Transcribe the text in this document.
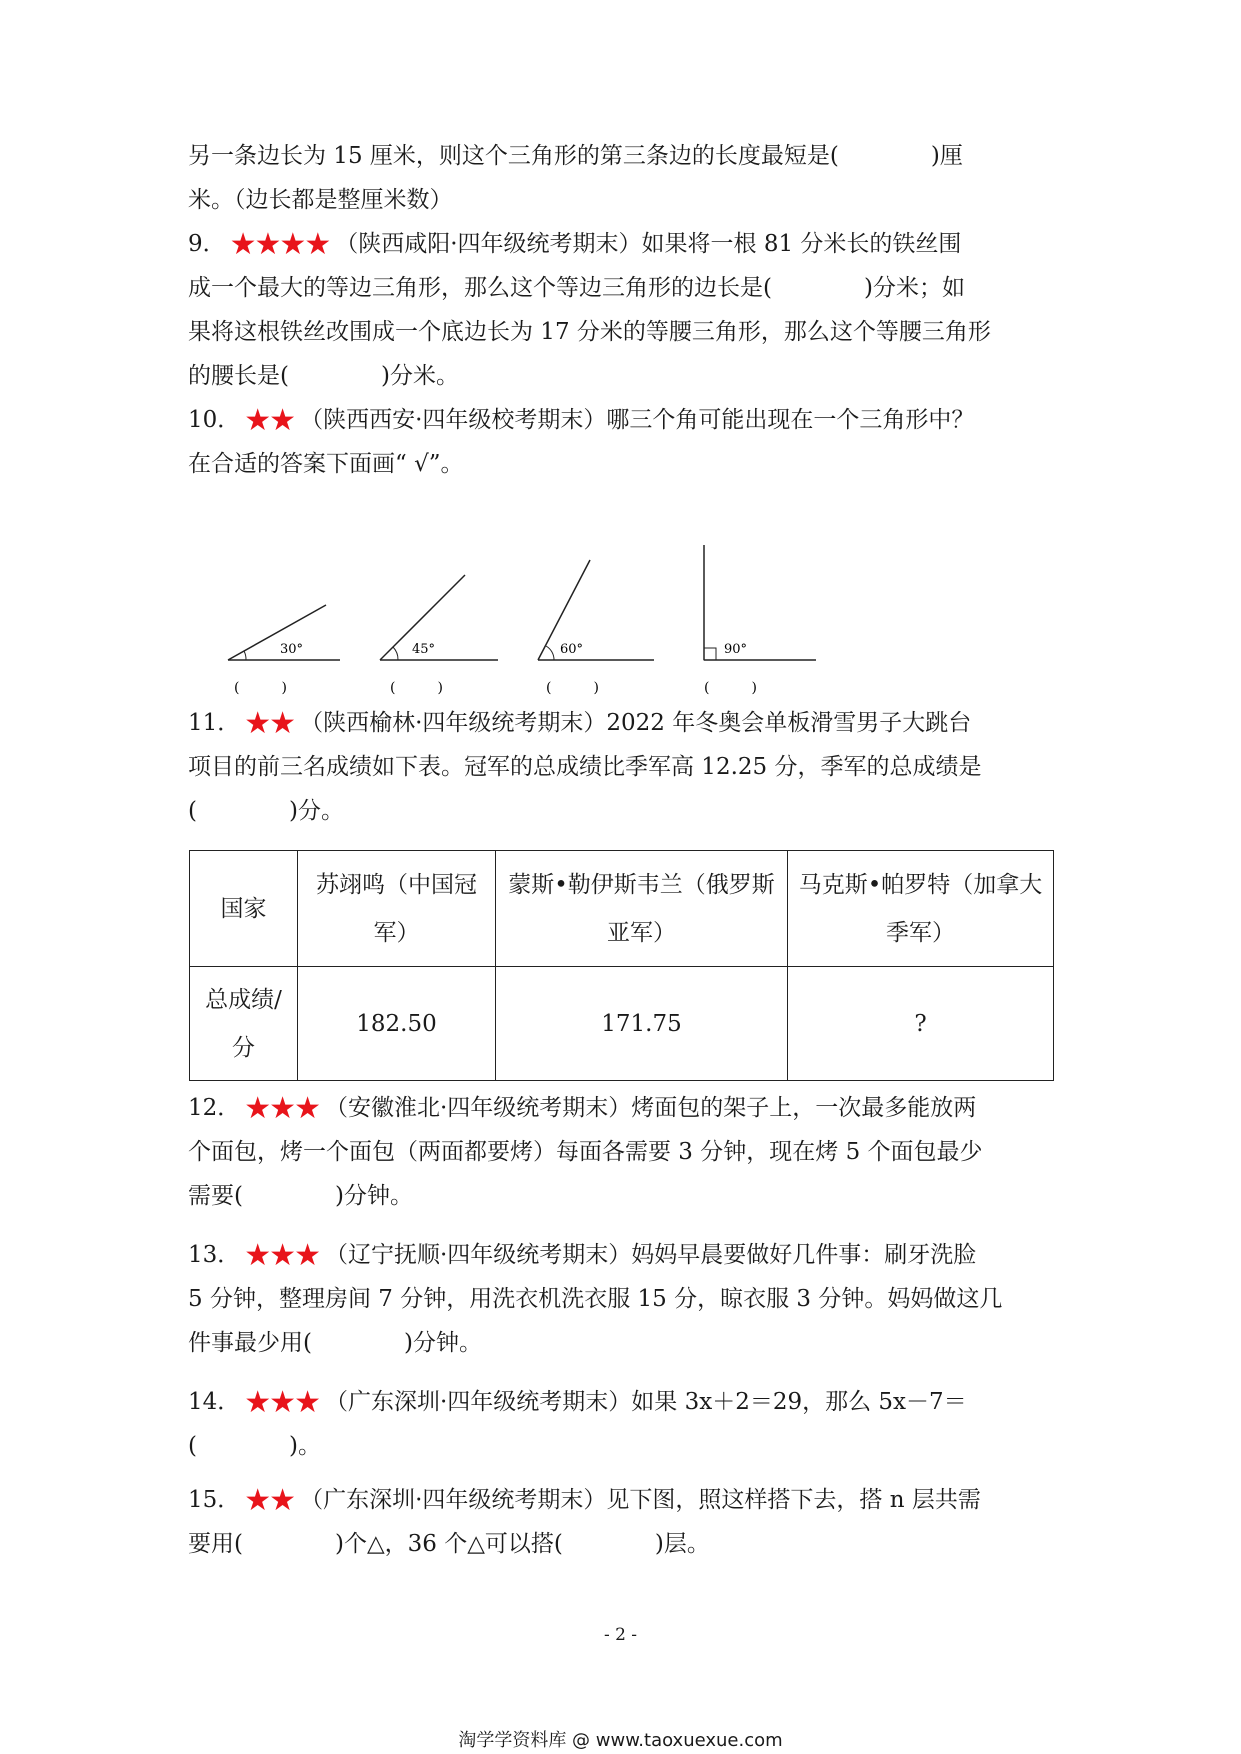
另一条边长为 15 厘米，则这个三角形的第三条边的长度最短是(　　　　)厘
米。（边长都是整厘米数）
9． ★★★★ （陕西咸阳·四年级统考期末）如果将一根 81 分米长的铁丝围
成一个最大的等边三角形，那么这个等边三角形的边长是(　　　　)分米；如
果将这根铁丝改围成一个底边长为 17 分米的等腰三角形，那么这个等腰三角形
的腰长是(　　　　)分米。
10． ★★ （陕西西安·四年级校考期末）哪三个角可能出现在一个三角形中？
在合适的答案下面画“ √”。
30°	45°	60°	90°
(　　　)	(　　　)	(　　　)	(　　　)
11． ★★ （陕西榆林·四年级统考期末）2022 年冬奥会单板滑雪男子大跳台
项目的前三名成绩如下表。冠军的总成绩比季军高 12.25 分，季军的总成绩是
(　　　　)分。
国家	苏翊鸣（中国冠军）	蒙斯•勒伊斯韦兰（俄罗斯亚军）	马克斯•帕罗特（加拿大季军）
总成绩/分	182.50	171.75	?
12． ★★★ （安徽淮北·四年级统考期末）烤面包的架子上，一次最多能放两
个面包，烤一个面包（两面都要烤）每面各需要 3 分钟，现在烤 5 个面包最少
需要(　　　　)分钟。
13． ★★★ （辽宁抚顺·四年级统考期末）妈妈早晨要做好几件事：刷牙洗脸
5 分钟，整理房间 7 分钟，用洗衣机洗衣服 15 分，晾衣服 3 分钟。妈妈做这几
件事最少用(　　　　)分钟。
14． ★★★ （广东深圳·四年级统考期末）如果 3x＋2＝29，那么 5x－7＝
(　　　　)。
15． ★★ （广东深圳·四年级统考期末）见下图，照这样搭下去，搭 n 层共需
要用(　　　　)个△，36 个△可以搭(　　　　)层。
- 2 -
淘学学资料库 @ www.taoxuexue.com
